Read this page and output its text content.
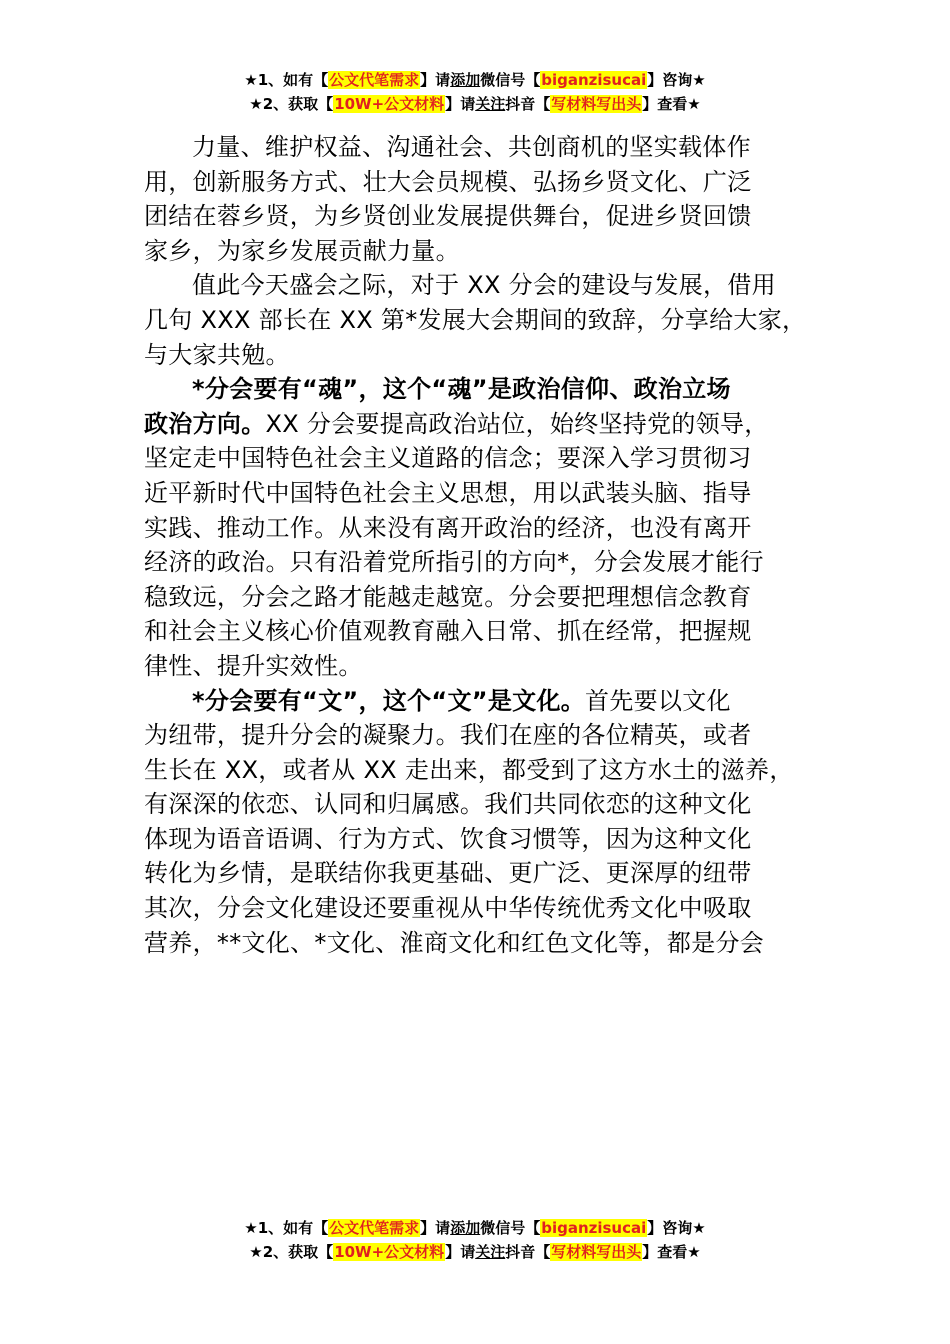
★1、如有【公文代笔需求】请添加微信号【biganzisucai】咨询★
★2、获取【10W+公文材料】请关注抖音【写材料写出头】查看★
力量、维护权益、沟通社会、共创商机的坚实载体作
用，创新服务方式、壮大会员规模、弘扬乡贤文化、广泛
团结在蓉乡贤，为乡贤创业发展提供舞台，促进乡贤回馈
家乡，为家乡发展贡献力量。
值此今天盛会之际，对于 XX 分会的建设与发展，借用
几句 XXX 部长在 XX 第*发展大会期间的致辞，分享给大家，
与大家共勉。
*分会要有“魂”，这个“魂”是政治信仰、政治立场
政治方向。XX 分会要提高政治站位，始终坚持党的领导，
坚定走中国特色社会主义道路的信念；要深入学习贯彻习
近平新时代中国特色社会主义思想，用以武装头脑、指导
实践、推动工作。从来没有离开政治的经济，也没有离开
经济的政治。只有沿着党所指引的方向*，分会发展才能行
稳致远，分会之路才能越走越宽。分会要把理想信念教育
和社会主义核心价值观教育融入日常、抓在经常，把握规
律性、提升实效性。
*分会要有“文”，这个“文”是文化。首先要以文化
为纽带，提升分会的凝聚力。我们在座的各位精英，或者
生长在 XX，或者从 XX 走出来，都受到了这方水土的滋养，
有深深的依恋、认同和归属感。我们共同依恋的这种文化
体现为语音语调、行为方式、饮食习惯等，因为这种文化
转化为乡情，是联结你我更基础、更广泛、更深厚的纽带
其次，分会文化建设还要重视从中华传统优秀文化中吸取
营养，**文化、*文化、淮商文化和红色文化等，都是分会
★1、如有【公文代笔需求】请添加微信号【biganzisucai】咨询★
★2、获取【10W+公文材料】请关注抖音【写材料写出头】查看★
